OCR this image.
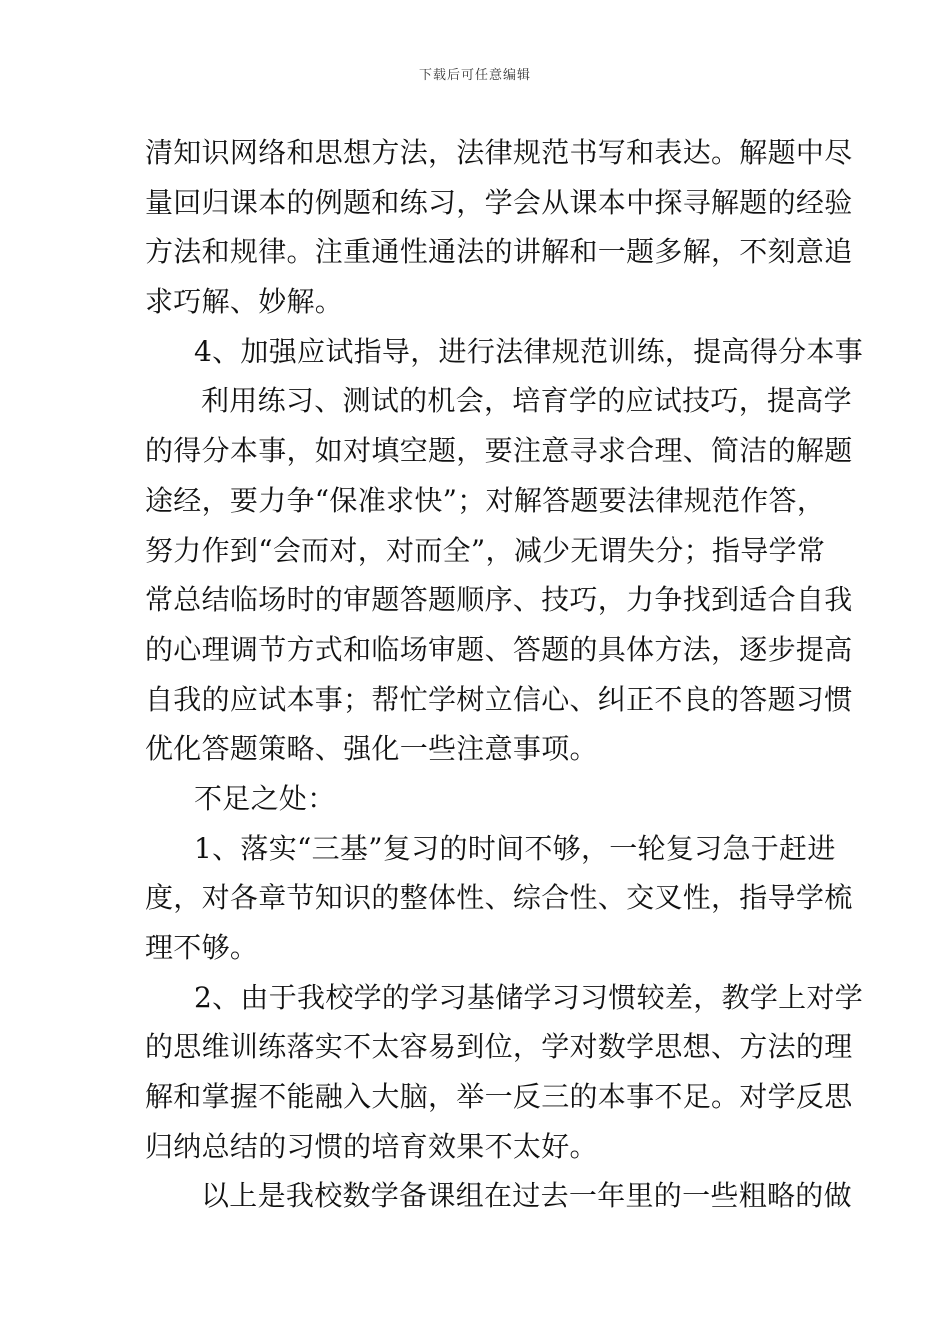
下载后可任意编辑
清知识网络和思想方法，法律规范书写和表达。解题中尽
量回归课本的例题和练习，学会从课本中探寻解题的经验
方法和规律。注重通性通法的讲解和一题多解，不刻意追
求巧解、妙解。
4、加强应试指导，进行法律规范训练，提高得分本事
利用练习、测试的机会，培育学的应试技巧，提高学
的得分本事，如对填空题，要注意寻求合理、简洁的解题
途经，要力争“保准求快”；对解答题要法律规范作答，
努力作到“会而对，对而全”，减少无谓失分；指导学常
常总结临场时的审题答题顺序、技巧，力争找到适合自我
的心理调节方式和临场审题、答题的具体方法，逐步提高
自我的应试本事；帮忙学树立信心、纠正不良的答题习惯
优化答题策略、强化一些注意事项。
不足之处：
1、落实“三基”复习的时间不够，一轮复习急于赶进
度，对各章节知识的整体性、综合性、交叉性，指导学梳
理不够。
2、由于我校学的学习基储学习习惯较差，教学上对学
的思维训练落实不太容易到位，学对数学思想、方法的理
解和掌握不能融入大脑，举一反三的本事不足。对学反思
归纳总结的习惯的培育效果不太好。
以上是我校数学备课组在过去一年里的一些粗略的做
